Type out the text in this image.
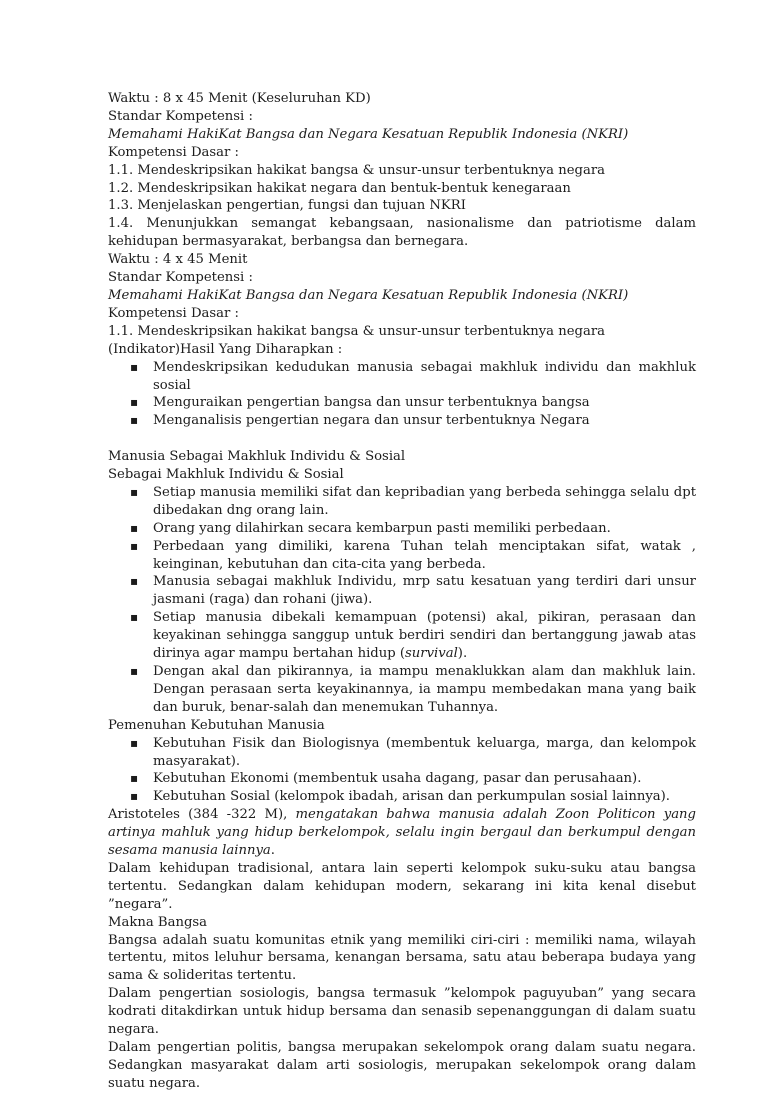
Waktu : 8 x 45 Menit (Keseluruhan KD)

Standar Kompetensi :

Memahami HakiKat Bangsa dan Negara Kesatuan Republik Indonesia (NKRI)

Kompetensi Dasar :

1.1. Mendeskripsikan hakikat bangsa & unsur-unsur terbentuknya negara

1.2. Mendeskripsikan hakikat negara dan bentuk-bentuk kenegaraan

1.3. Menjelaskan pengertian, fungsi dan tujuan NKRI

1.4. Menunjukkan semangat kebangsaan, nasionalisme dan patriotisme dalam kehidupan bermasyarakat, berbangsa dan bernegara.

Waktu : 4 x 45 Menit

Standar Kompetensi :

Memahami HakiKat Bangsa dan Negara Kesatuan Republik Indonesia (NKRI)

Kompetensi Dasar :

1.1. Mendeskripsikan hakikat bangsa & unsur-unsur terbentuknya negara

(Indikator)Hasil Yang Diharapkan :

▪ Mendeskripsikan kedudukan manusia sebagai makhluk individu dan makhluk sosial
▪ Menguraikan pengertian bangsa dan unsur terbentuknya bangsa
▪ Menganalisis pengertian negara dan unsur terbentuknya Negara

Manusia Sebagai Makhluk Individu & Sosial

Sebagai Makhluk Individu & Sosial

▪ Setiap manusia memiliki sifat dan kepribadian yang berbeda sehingga selalu dpt dibedakan dng orang lain.
▪ Orang yang dilahirkan secara kembarpun pasti memiliki perbedaan.
▪ Perbedaan yang dimiliki, karena Tuhan telah menciptakan sifat, watak , keinginan, kebutuhan dan cita-cita yang berbeda.
▪ Manusia sebagai makhluk Individu, mrp satu kesatuan yang terdiri dari unsur jasmani (raga) dan rohani (jiwa).
▪ Setiap manusia dibekali kemampuan (potensi) akal, pikiran, perasaan dan keyakinan sehingga sanggup untuk berdiri sendiri dan bertanggung jawab atas dirinya agar mampu bertahan hidup (survival).
▪ Dengan akal dan pikirannya, ia mampu menaklukkan alam dan makhluk lain. Dengan perasaan serta keyakinannya, ia mampu membedakan mana yang baik dan buruk, benar-salah dan menemukan Tuhannya.

Pemenuhan Kebutuhan Manusia

▪ Kebutuhan Fisik dan Biologisnya (membentuk keluarga, marga, dan kelompok masyarakat).
▪ Kebutuhan Ekonomi (membentuk usaha dagang, pasar dan perusahaan).
▪ Kebutuhan Sosial (kelompok ibadah, arisan dan perkumpulan sosial lainnya).

Aristoteles (384 -322 M), mengatakan bahwa manusia adalah Zoon Politicon yang artinya mahluk yang hidup berkelompok, selalu ingin bergaul dan berkumpul dengan sesama manusia lainnya.

Dalam kehidupan tradisional, antara lain seperti kelompok suku-suku atau bangsa tertentu. Sedangkan dalam kehidupan modern, sekarang ini kita kenal disebut ”negara”.

Makna Bangsa

Bangsa adalah suatu komunitas etnik yang memiliki ciri-ciri : memiliki nama, wilayah tertentu, mitos leluhur bersama, kenangan bersama, satu atau beberapa budaya yang sama & solideritas tertentu.

Dalam pengertian sosiologis, bangsa termasuk ”kelompok paguyuban” yang secara kodrati ditakdirkan untuk hidup bersama dan senasib sepenanggungan di dalam suatu negara.

Dalam pengertian politis, bangsa merupakan sekelompok orang dalam suatu negara. Sedangkan masyarakat dalam arti sosiologis, merupakan sekelompok orang dalam suatu negara.
